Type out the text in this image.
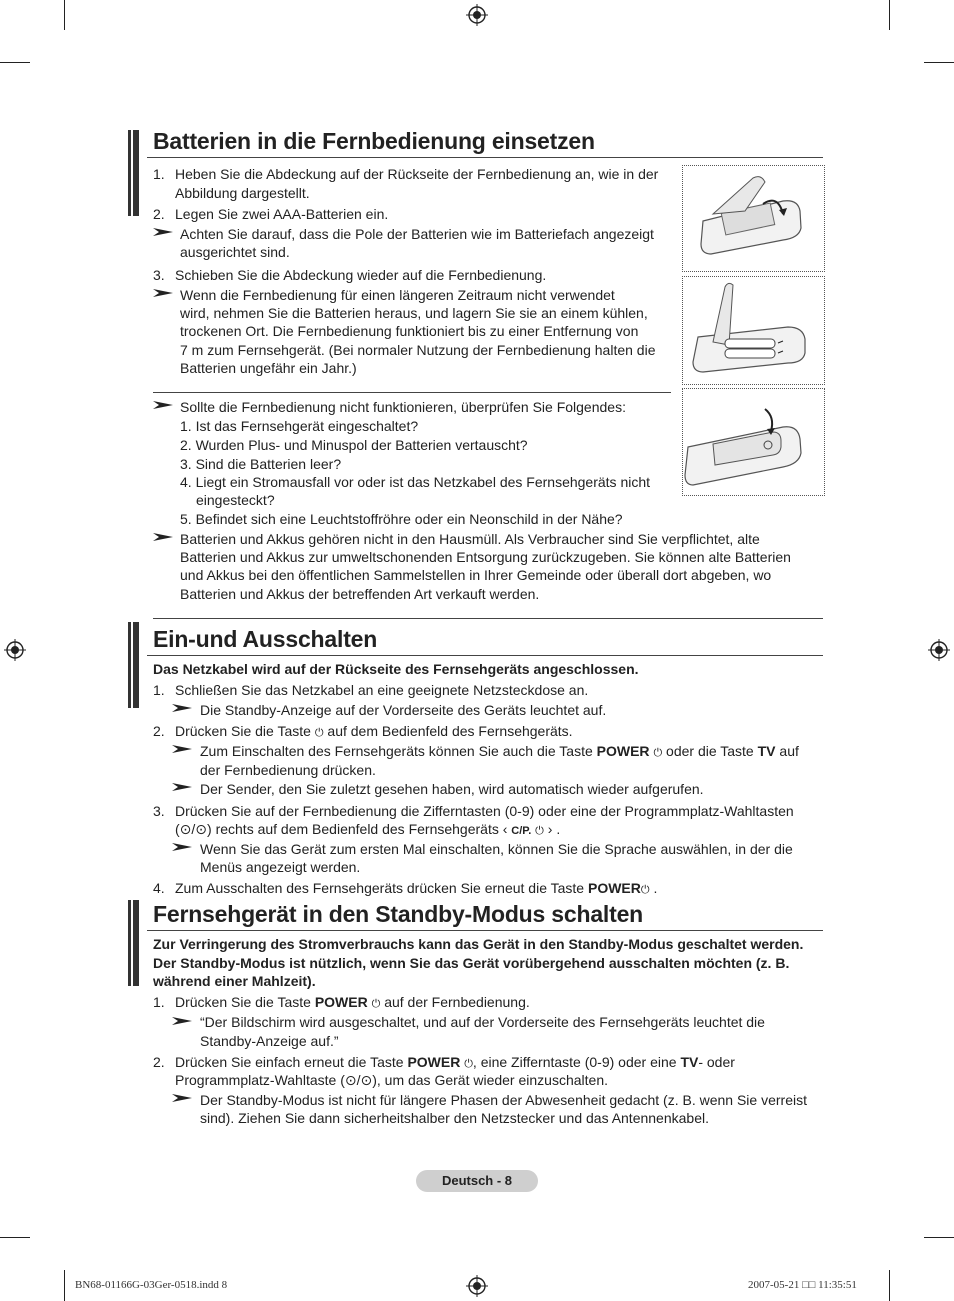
Batterien in die Fernbedienung einsetzen
1. Heben Sie die Abdeckung auf der Rückseite der Fernbedienung an, wie in der
Abbildung dargestellt.
2. Legen Sie zwei AAA-Batterien ein.
Achten Sie darauf, dass die Pole der Batterien wie im Batteriefach angezeigt
ausgerichtet sind.
3. Schieben Sie die Abdeckung wieder auf die Fernbedienung.
Wenn die Fernbedienung für einen längeren Zeitraum nicht verwendet
wird, nehmen Sie die Batterien heraus, und lagern Sie sie an einem kühlen,
trockenen Ort. Die Fernbedienung funktioniert bis zu einer Entfernung von
7 m zum Fernsehgerät. (Bei normaler Nutzung der Fernbedienung halten die
Batterien ungefähr ein Jahr.)
Sollte die Fernbedienung nicht funktionieren, überprüfen Sie Folgendes:
1. Ist das Fernsehgerät eingeschaltet?
2. Wurden Plus- und Minuspol der Batterien vertauscht?
3. Sind die Batterien leer?
4. Liegt ein Stromausfall vor oder ist das Netzkabel des Fernsehgeräts nicht
eingesteckt?
5. Befindet sich eine Leuchtstoffröhre oder ein Neonschild in der Nähe?
Batterien und Akkus gehören nicht in den Hausmüll. Als Verbraucher sind Sie verpflichtet, alte
Batterien und Akkus zur umweltschonenden Entsorgung zurückzugeben. Sie können alte Batterien
und Akkus bei den öffentlichen Sammelstellen in Ihrer Gemeinde oder überall dort abgeben, wo
Batterien und Akkus der betreffenden Art verkauft werden.
Ein-und Ausschalten
Das Netzkabel wird auf der Rückseite des Fernsehgeräts angeschlossen.
1. Schließen Sie das Netzkabel an eine geeignete Netzsteckdose an.
Die Standby-Anzeige auf der Vorderseite des Geräts leuchtet auf.
2. Drücken Sie die Taste ⏻ auf dem Bedienfeld des Fernsehgeräts.
Zum Einschalten des Fernsehgeräts können Sie auch die Taste POWER ⏻ oder die Taste TV auf
der Fernbedienung drücken.
Der Sender, den Sie zuletzt gesehen haben, wird automatisch wieder aufgerufen.
3. Drücken Sie auf der Fernbedienung die Zifferntasten (0-9) oder eine der Programmplatz-Wahltasten
(⊙/⊙) rechts auf dem Bedienfeld des Fernsehgeräts ‹ C/P. ⏻ › .
Wenn Sie das Gerät zum ersten Mal einschalten, können Sie die Sprache auswählen, in der die
Menüs angezeigt werden.
4. Zum Ausschalten des Fernsehgeräts drücken Sie erneut die Taste POWER⏻ .
Fernsehgerät in den Standby-Modus schalten
Zur Verringerung des Stromverbrauchs kann das Gerät in den Standby-Modus geschaltet werden.
Der Standby-Modus ist nützlich, wenn Sie das Gerät vorübergehend ausschalten möchten (z. B.
während einer Mahlzeit).
1. Drücken Sie die Taste POWER ⏻ auf der Fernbedienung.
“Der Bildschirm wird ausgeschaltet, und auf der Vorderseite des Fernsehgeräts leuchtet die
Standby-Anzeige auf.”
2. Drücken Sie einfach erneut die Taste POWER ⏻, eine Zifferntaste (0-9) oder eine TV- oder
Programmplatz-Wahltaste (⊙/⊙), um das Gerät wieder einzuschalten.
Der Standby-Modus ist nicht für längere Phasen der Abwesenheit gedacht (z. B. wenn Sie verreist
sind). Ziehen Sie dann sicherheitshalber den Netzstecker und das Antennenkabel.
Deutsch - 8
BN68-01166G-03Ger-0518.indd 8	2007-05-21 □□ 11:35:51
